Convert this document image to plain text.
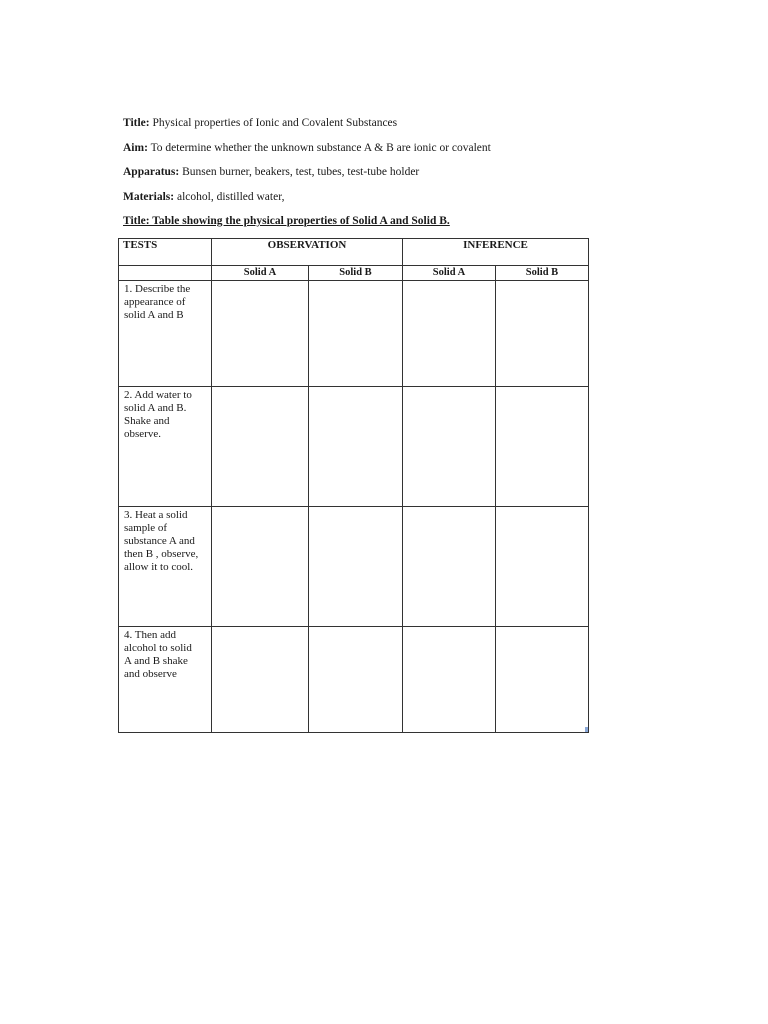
Title: Physical properties of Ionic and Covalent Substances
Aim: To determine whether the unknown substance A & B are ionic or covalent
Apparatus: Bunsen burner, beakers, test, tubes, test-tube holder
Materials: alcohol, distilled water,
Title: Table showing the physical properties of Solid A and Solid B.
TESTS	OBSERVATION		INFERENCE	
	Solid A	Solid B	Solid A	Solid B

1. Describe the
appearance of
solid A and B				

2. Add water to
solid A and B.
Shake and
observe.				

3. Heat a solid
sample of
substance A and
then B , observe,
allow it to cool.				

4. Then add
alcohol to solid
A and B shake
and observe				
